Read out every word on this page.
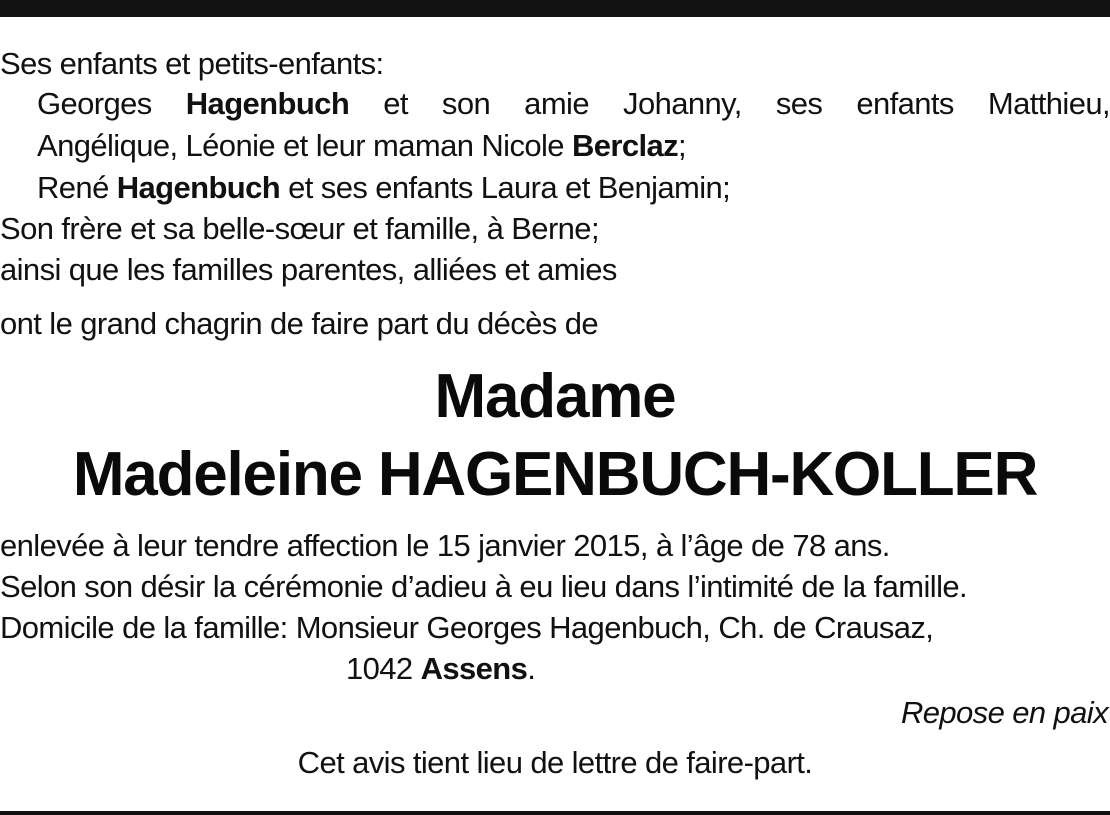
Ses enfants et petits-enfants:
Georges Hagenbuch et son amie Johanny, ses enfants Matthieu,
Angélique, Léonie et leur maman Nicole Berclaz;
René Hagenbuch et ses enfants Laura et Benjamin;
Son frère et sa belle-sœur et famille, à Berne;
ainsi que les familles parentes, alliées et amies
ont le grand chagrin de faire part du décès de
Madame
Madeleine HAGENBUCH-KOLLER
enlevée à leur tendre affection le 15 janvier 2015, à l’âge de 78 ans.
Selon son désir la cérémonie d’adieu à eu lieu dans l’intimité de la famille.
Domicile de la famille: Monsieur Georges Hagenbuch, Ch. de Crausaz,
1042 Assens.
Repose en paix
Cet avis tient lieu de lettre de faire-part.
